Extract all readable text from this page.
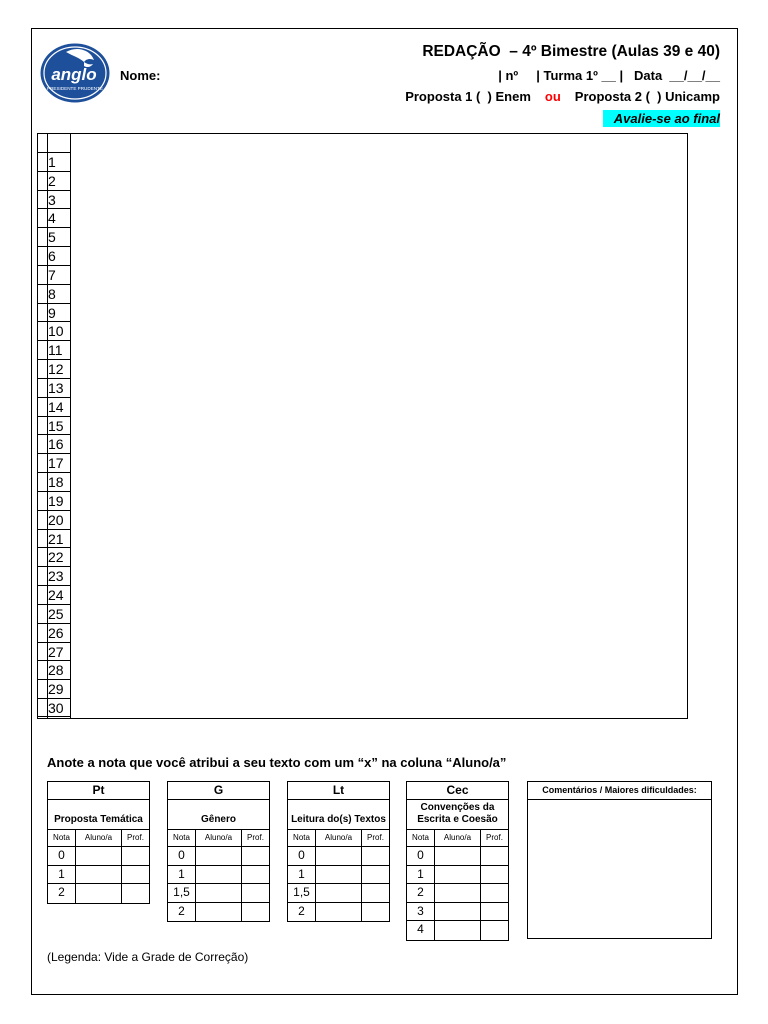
anglo
PRESIDENTE PRUDENTE
Nome:
REDAÇÃO  – 4º Bimestre (Aulas 39 e 40)
| nº     | Turma 1º __ |   Data  __/__/__
Proposta 1 (  ) Enem ou Proposta 2 (  ) Unicamp
Avalie-se ao final
1
2
3
4
5
6
7
8
9
10
11
12
13
14
15
16
17
18
19
20
21
22
23
24
25
26
27
28
29
30
Anote a nota que você atribui a seu texto com um “x” na coluna “Aluno/a”
Pt
Proposta Temática
Nota	Aluno/a	Prof.
0
1
2
G
Gênero
Nota	Aluno/a	Prof.
0
1
1,5
2
Lt
Leitura do(s) Textos
Nota	Aluno/a	Prof.
0
1
1,5
2
Cec
Convenções da Escrita e Coesão
Nota	Aluno/a	Prof.
0
1
2
3
4
Comentários / Maiores dificuldades:
(Legenda: Vide a Grade de Correção)
